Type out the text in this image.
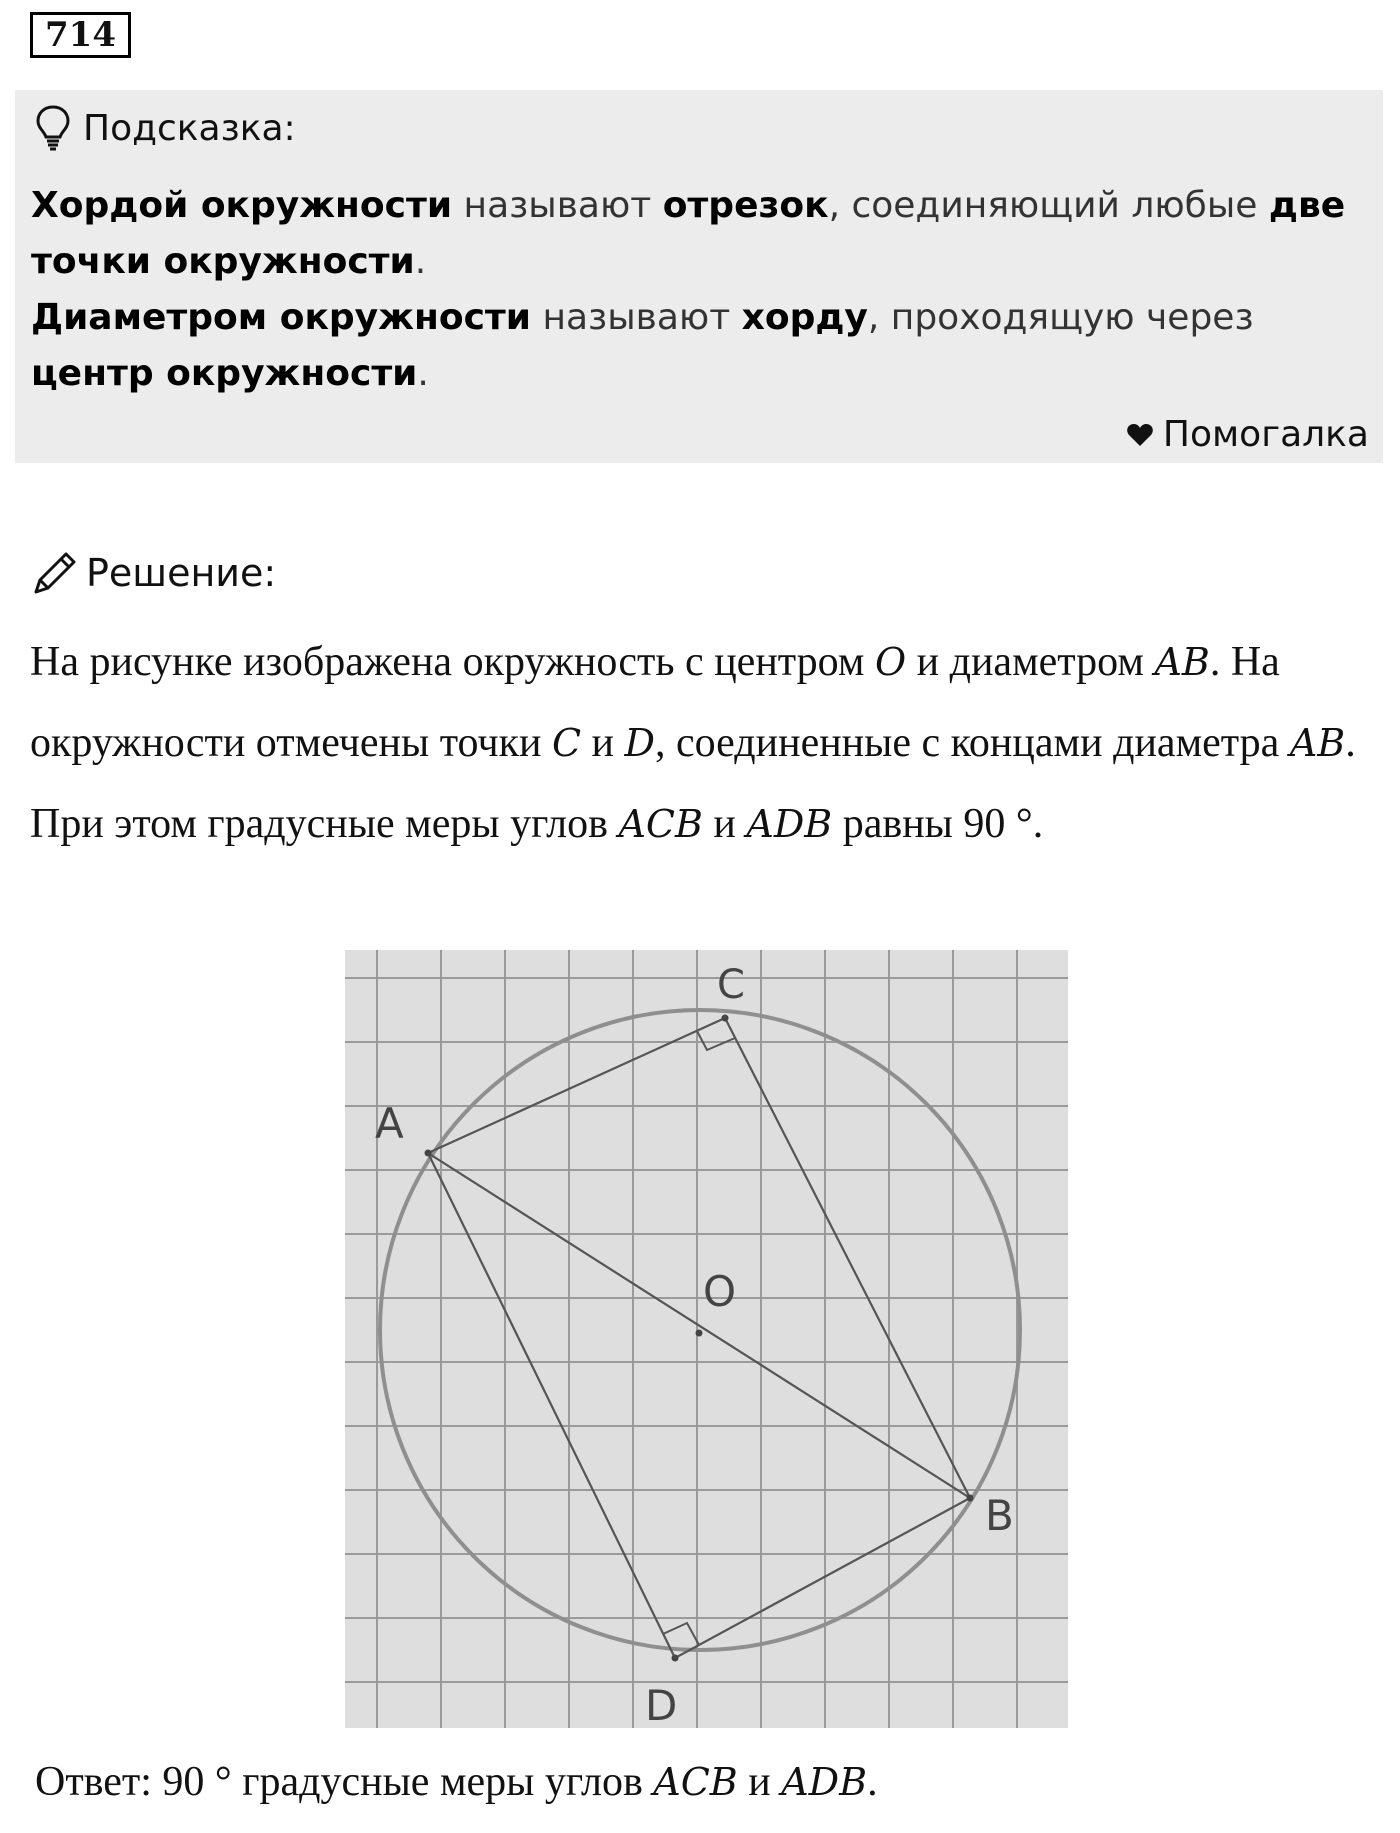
714
Подсказка:
Хордой окружности называют отрезок, соединяющий любые две точки окружности.
Диаметром окружности называют хорду, проходящую через центр окружности.
Помогалка
Решение:
На рисунке изображена окружность с центром O и диаметром AB. На окружности отмечены точки C и D, соединенные с концами диаметра AB. При этом градусные меры углов ACB и ADB равны 90 °.
A
B
C
D
O
Ответ: 90 ° градусные меры углов ACB и ADB.
